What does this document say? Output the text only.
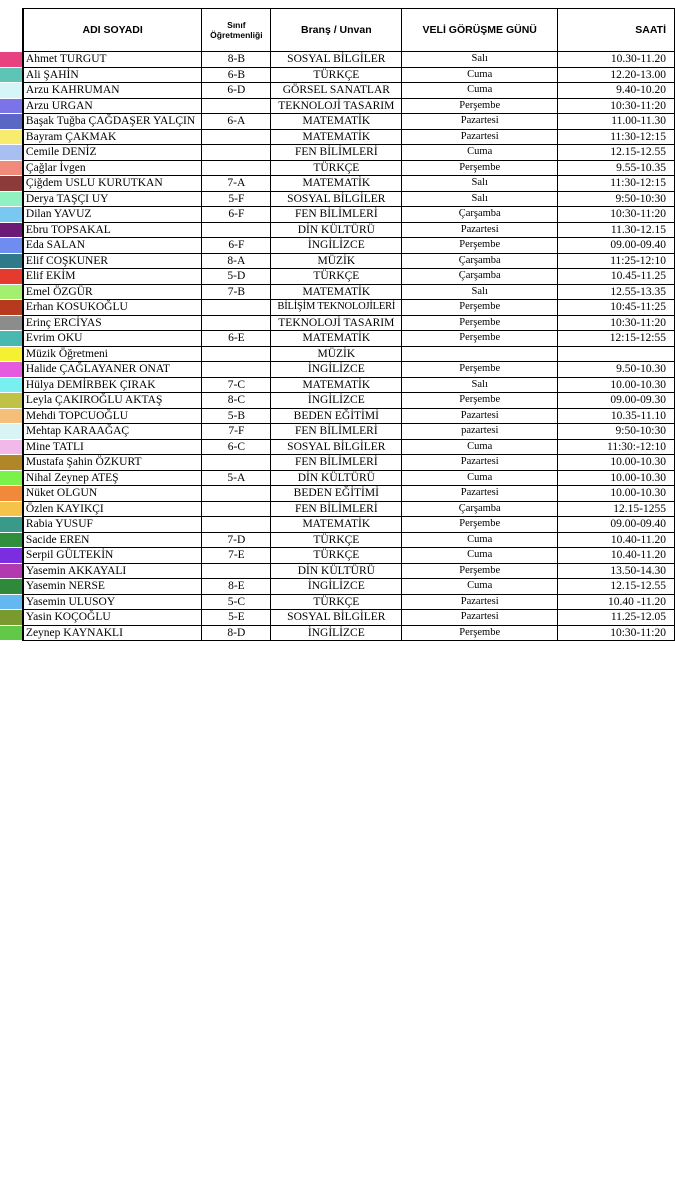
	ADI SOYADI	Sınıf Öğretmenliği	Branş / Unvan	VELİ GÖRÜŞME GÜNÜ	SAATİ
	Ahmet TURGUT	8-B	SOSYAL BİLGİLER	Salı	10.30-11.20
	Ali ŞAHİN	6-B	TÜRKÇE	Cuma	12.20-13.00
	Arzu KAHRUMAN	6-D	GÖRSEL SANATLAR	Cuma	9.40-10.20
	Arzu URGAN		TEKNOLOJİ TASARIM	Perşembe	10:30-11:20
	Başak Tuğba ÇAĞDAŞER YALÇIN	6-A	MATEMATİK	Pazartesi	11.00-11.30
	Bayram ÇAKMAK		MATEMATİK	Pazartesi	11:30-12:15
	Cemile DENİZ		FEN BİLİMLERİ	Cuma	12.15-12.55
	Çağlar İvgen		TÜRKÇE	Perşembe	9.55-10.35
	Çiğdem USLU KURUTKAN	7-A	MATEMATİK	Salı	11:30-12:15
	Derya TAŞÇI UY	5-F	SOSYAL BİLGİLER	Salı	9:50-10:30
	Dilan YAVUZ	6-F	FEN BİLİMLERİ	Çarşamba	10:30-11:20
	Ebru TOPSAKAL		DİN KÜLTÜRÜ	Pazartesi	11.30-12.15
	Eda SALAN	6-F	İNGİLİZCE	Perşembe	09.00-09.40
	Elif COŞKUNER	8-A	MÜZİK	Çarşamba	11:25-12:10
	Elif EKİM	5-D	TÜRKÇE	Çarşamba	10.45-11.25
	Emel ÖZGÜR	7-B	MATEMATİK	Salı	12.55-13.35
	Erhan KOSUKOĞLU		BİLİŞİM TEKNOLOJİLERİ	Perşembe	10:45-11:25
	Erinç ERCİYAS		TEKNOLOJİ TASARIM	Perşembe	10:30-11:20
	Evrim OKU	6-E	MATEMATİK	Perşembe	12:15-12:55
	Müzik Öğretmeni		MÜZİK		
	Halide ÇAĞLAYANER ONAT		İNGİLİZCE	Perşembe	9.50-10.30
	Hülya DEMİRBEK ÇIRAK	7-C	MATEMATİK	Salı	10.00-10.30
	Leyla ÇAKIROĞLU AKTAŞ	8-C	İNGİLİZCE	Perşembe	09.00-09.30
	Mehdi TOPCUOĞLU	5-B	BEDEN EĞİTİMİ	Pazartesi	10.35-11.10
	Mehtap KARAAĞAÇ	7-F	FEN BİLİMLERİ	pazartesi	9:50-10:30
	Mine TATLI	6-C	SOSYAL BİLGİLER	Cuma	11:30:-12:10
	Mustafa Şahin ÖZKURT		FEN BİLİMLERİ	Pazartesi	10.00-10.30
	Nihal Zeynep ATEŞ	5-A	DİN KÜLTÜRÜ	Cuma	10.00-10.30
	Nüket OLGUN		BEDEN EĞİTİMİ	Pazartesi	10.00-10.30
	Özlen KAYIKÇI		FEN BİLİMLERİ	Çarşamba	12.15-1255
	Rabia YUSUF		MATEMATİK	Perşembe	09.00-09.40
	Sacide EREN	7-D	TÜRKÇE	Cuma	10.40-11.20
	Serpil GÜLTEKİN	7-E	TÜRKÇE	Cuma	10.40-11.20
	Yasemin AKKAYALI		DİN KÜLTÜRÜ	Perşembe	13.50-14.30
	Yasemin NERSE	8-E	İNGİLİZCE	Cuma	12.15-12.55
	Yasemin ULUSOY	5-C	TÜRKÇE	Pazartesi	10.40 -11.20
	Yasin KOÇOĞLU	5-E	SOSYAL BİLGİLER	Pazartesi	11.25-12.05
	Zeynep KAYNAKLI	8-D	İNGİLİZCE	Perşembe	10:30-11:20
